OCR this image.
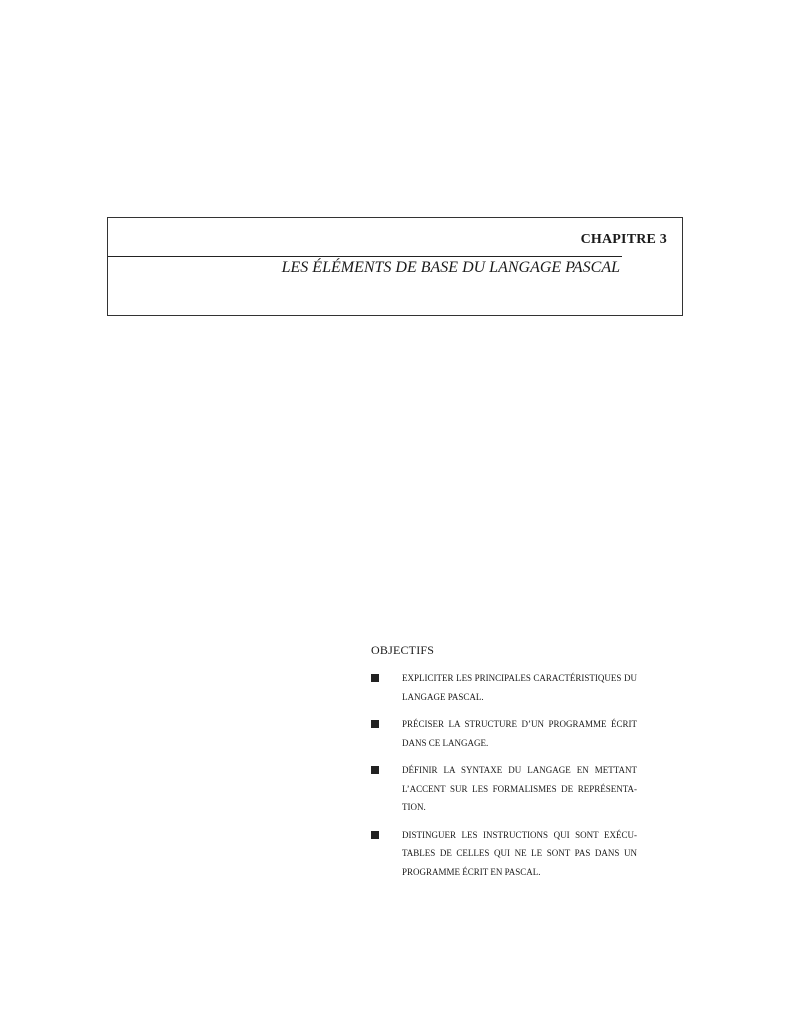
CHAPITRE 3
LES ÉLÉMENTS DE BASE DU LANGAGE PASCAL
OBJECTIFS
EXPLICITER LES PRINCIPALES CARACTÉRISTIQUES DU
LANGAGE PASCAL.
PRÉCISER LA STRUCTURE D’UN PROGRAMME ÉCRIT
DANS CE LANGAGE.
DÉFINIR LA SYNTAXE DU LANGAGE EN METTANT
L’ACCENT SUR LES FORMALISMES DE REPRÉSENTA-
TION.
DISTINGUER LES INSTRUCTIONS QUI SONT EXÉCU-
TABLES DE CELLES QUI NE LE SONT PAS DANS UN
PROGRAMME ÉCRIT EN PASCAL.
